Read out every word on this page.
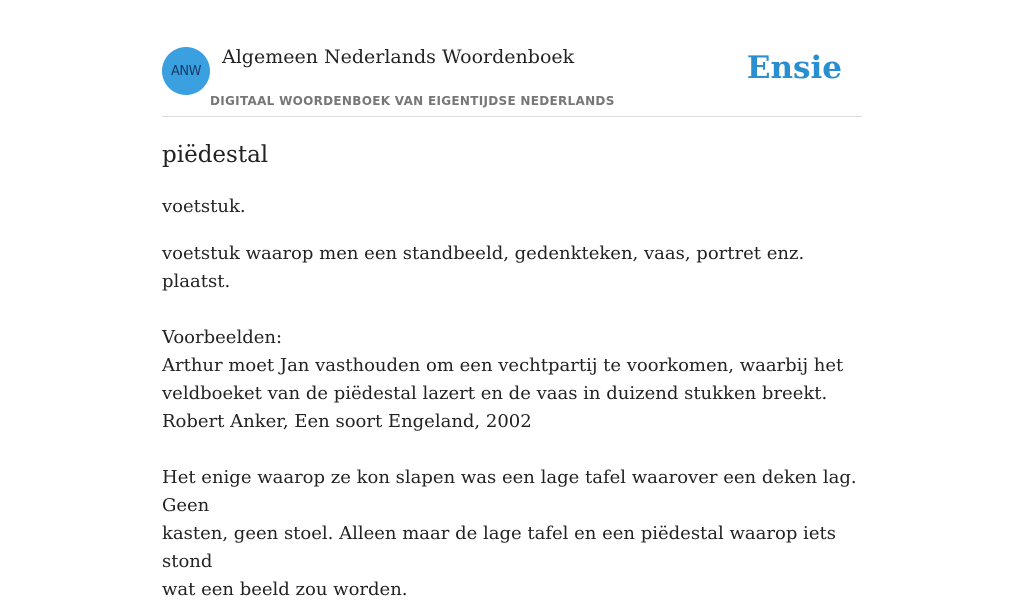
ANW
Algemeen Nederlands Woordenboek
DIGITAAL WOORDENBOEK VAN EIGENTIJDSE NEDERLANDS
Ensie
piëdestal

voetstuk.

voetstuk waarop men een standbeeld, gedenkteken, vaas, portret enz. plaatst.

Voorbeelden:
Arthur moet Jan vasthouden om een vechtpartij te voorkomen, waarbij het
veldboeket van de piëdestal lazert en de vaas in duizend stukken breekt.
Robert Anker, Een soort Engeland, 2002
Het enige waarop ze kon slapen was een lage tafel waarover een deken lag. Geen
kasten, geen stoel. Alleen maar de lage tafel en een piëdestal waarop iets stond
wat een beeld zou worden.
